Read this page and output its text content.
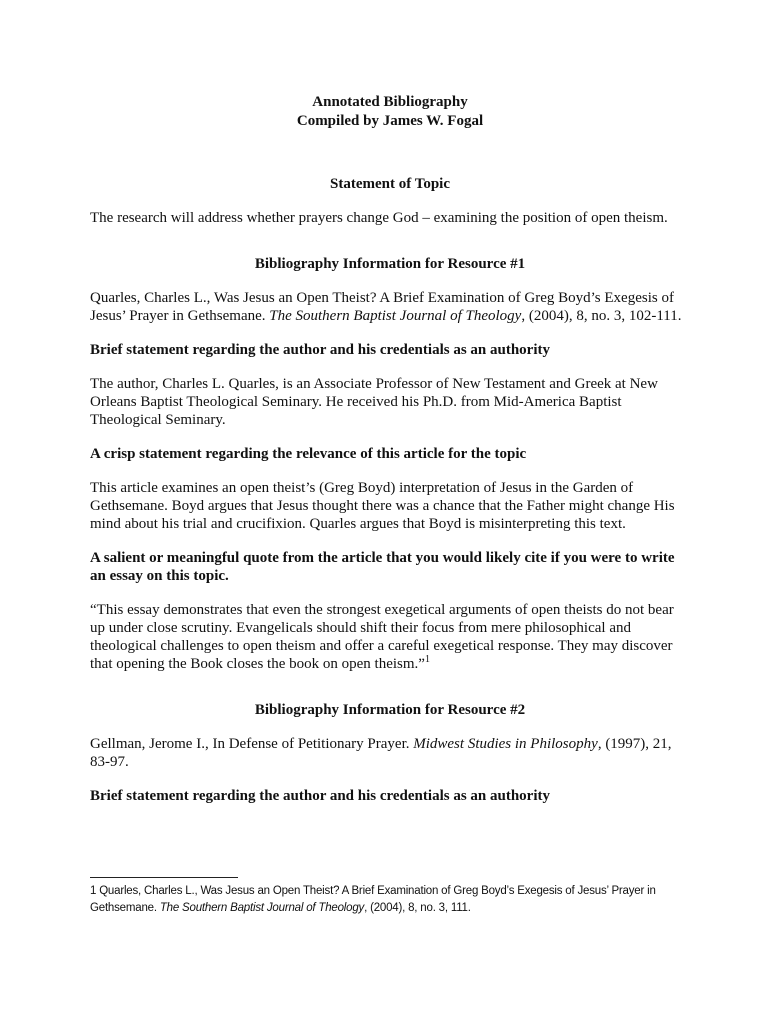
Annotated Bibliography
Compiled by James W. Fogal
Statement of Topic

The research will address whether prayers change God – examining the position of open theism.

Bibliography Information for Resource #1

Quarles, Charles L., Was Jesus an Open Theist? A Brief Examination of Greg Boyd’s Exegesis of Jesus’ Prayer in Gethsemane. The Southern Baptist Journal of Theology, (2004), 8, no. 3, 102-111.

Brief statement regarding the author and his credentials as an authority

The author, Charles L. Quarles, is an Associate Professor of New Testament and Greek at New Orleans Baptist Theological Seminary. He received his Ph.D. from Mid-America Baptist Theological Seminary.

A crisp statement regarding the relevance of this article for the topic

This article examines an open theist’s (Greg Boyd) interpretation of Jesus in the Garden of Gethsemane. Boyd argues that Jesus thought there was a chance that the Father might change His mind about his trial and crucifixion. Quarles argues that Boyd is misinterpreting this text.

A salient or meaningful quote from the article that you would likely cite if you were to write an essay on this topic.

“This essay demonstrates that even the strongest exegetical arguments of open theists do not bear up under close scrutiny. Evangelicals should shift their focus from mere philosophical and theological challenges to open theism and offer a careful exegetical response. They may discover that opening the Book closes the book on open theism.”$^1$

Bibliography Information for Resource #2

Gellman, Jerome I., In Defense of Petitionary Prayer. Midwest Studies in Philosophy, (1997), 21, 83-97.

Brief statement regarding the author and his credentials as an authority

1 Quarles, Charles L., Was Jesus an Open Theist? A Brief Examination of Greg Boyd’s Exegesis of Jesus’ Prayer in Gethsemane. The Southern Baptist Journal of Theology, (2004), 8, no. 3, 111.
